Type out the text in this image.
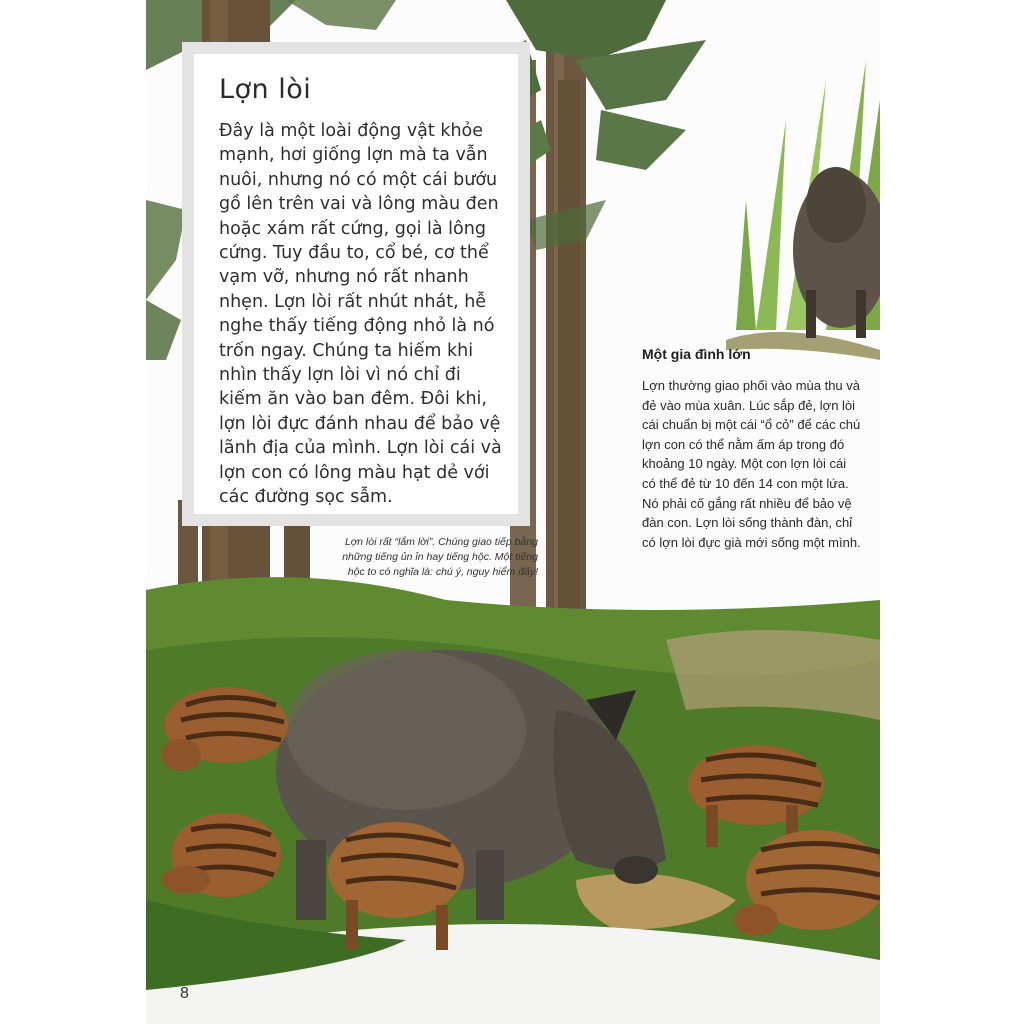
Lợn lòi

Đây là một loài động vật khỏe mạnh, hơi giống lợn mà ta vẫn nuôi, nhưng nó có một cái bướu gồ lên trên vai và lông màu đen hoặc xám rất cứng, gọi là lông cứng. Tuy đầu to, cổ bé, cơ thể vạm vỡ, nhưng nó rất nhanh nhẹn. Lợn lòi rất nhút nhát, hễ nghe thấy tiếng động nhỏ là nó trốn ngay. Chúng ta hiếm khi nhìn thấy lợn lòi vì nó chỉ đi kiếm ăn vào ban đêm. Đôi khi, lợn lòi đực đánh nhau để bảo vệ lãnh địa của mình. Lợn lòi cái và lợn con có lông màu hạt dẻ với các đường sọc sẫm.

Lợn lòi rất “lắm lời”. Chúng giao tiếp bằng những tiếng ủn ỉn hay tiếng hộc. Một tiếng hộc to có nghĩa là: chú ý, nguy hiểm đấy!
Một gia đình lớn
Lợn thường giao phối vào mùa thu và đẻ vào mùa xuân. Lúc sắp đẻ, lợn lòi cái chuẩn bị một cái “ổ cỏ” để các chú lợn con có thể nằm ấm áp trong đó khoảng 10 ngày. Một con lợn lòi cái có thể đẻ từ 10 đến 14 con một lứa. Nó phải cố gắng rất nhiều để bảo vệ đàn con. Lợn lòi sống thành đàn, chỉ có lợn lòi đực già mới sống một mình.
8
